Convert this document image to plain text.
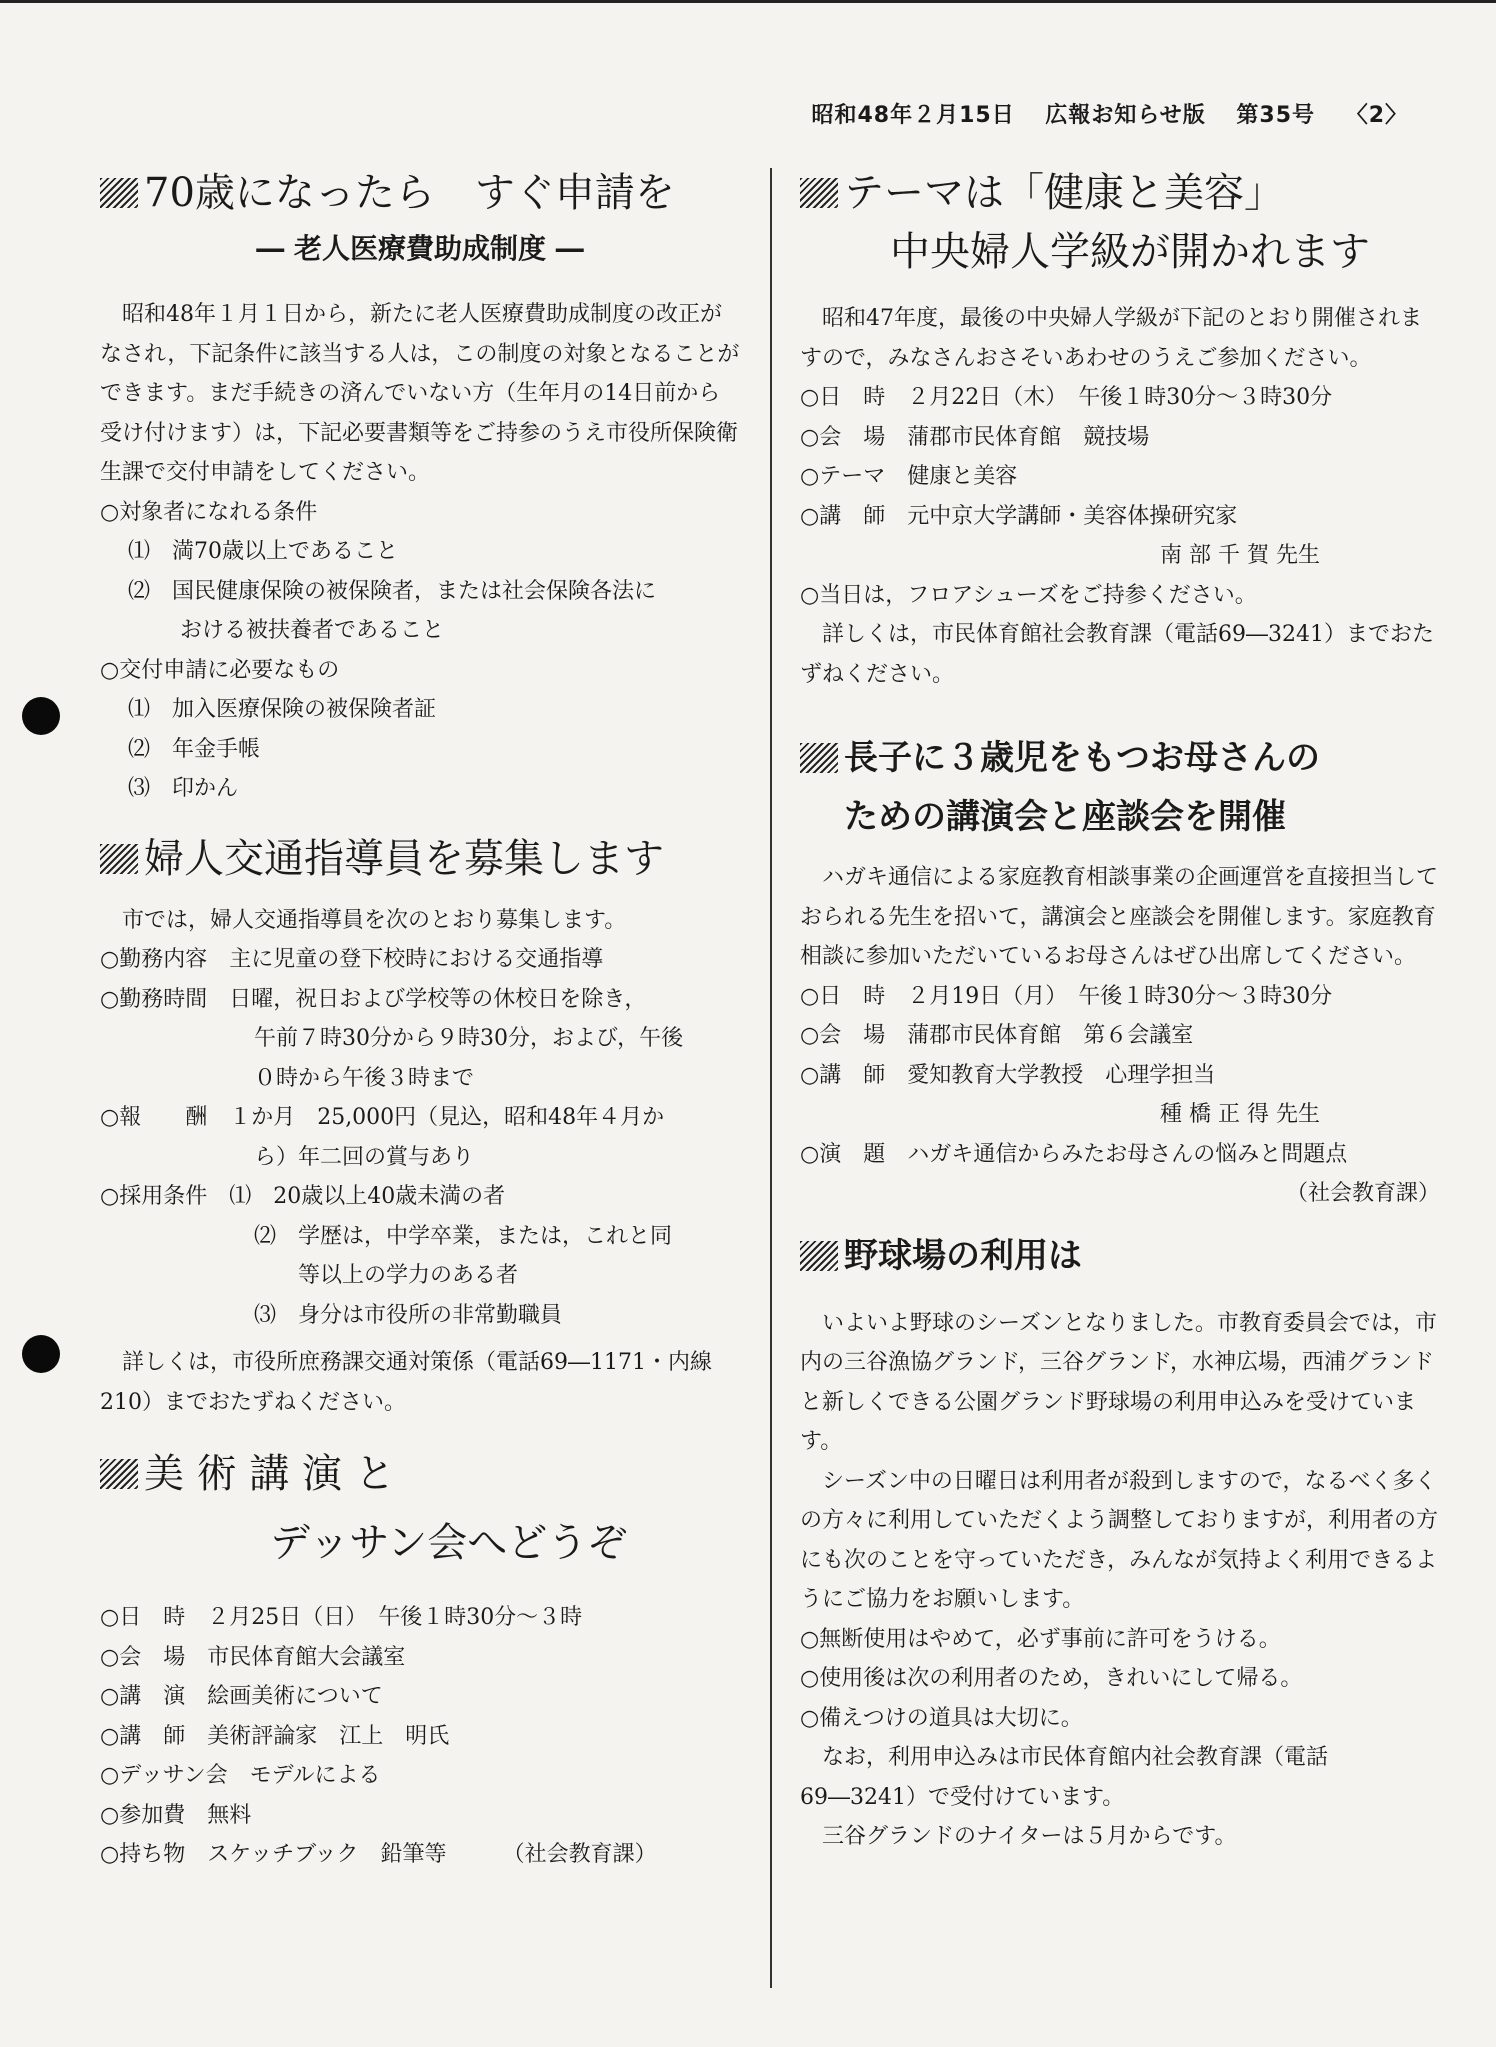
昭和48年２月15日 広報お知らせ版 第35号 〈2〉
70歳になったら　すぐ申請を
― 老人医療費助成制度 ―

昭和48年１月１日から，新たに老人医療費助成制度の改正がなされ，下記条件に該当する人は，この制度の対象となることができます。まだ手続きの済んでいない方（生年月の14日前から受け付けます）は，下記必要書類等をご持参のうえ市役所保険衛生課で交付申請をしてください。

○対象者になれる条件
⑴　満70歳以上であること
⑵　国民健康保険の被保険者，または社会保険各法に
おける被扶養者であること
○交付申請に必要なもの
⑴　加入医療保険の被保険者証
⑵　年金手帳
⑶　印かん
婦人交通指導員を募集します

市では，婦人交通指導員を次のとおり募集します。

○勤務内容　主に児童の登下校時における交通指導
○勤務時間　日曜，祝日および学校等の休校日を除き，
午前７時30分から９時30分，および，午後
０時から午後３時まで
○報　　酬　１か月　25,000円（見込，昭和48年４月か
ら）年二回の賞与あり
○採用条件　⑴　20歳以上40歳未満の者
⑵　学歴は，中学卒業，または，これと同
等以上の学力のある者
⑶　身分は市役所の非常勤職員

詳しくは，市役所庶務課交通対策係（電話69―1171・内線 210）までおたずねください。

美 術 講 演 と
デッサン会へどうぞ
○日　時　２月25日（日）　午後１時30分～３時
○会　場　市民体育館大会議室
○講　演　絵画美術について
○講　師　美術評論家　江上　明氏
○デッサン会　モデルによる
○参加費　無料
○持ち物　スケッチブック　鉛筆等	（社会教育課）
テーマは「健康と美容」
中央婦人学級が開かれます

昭和47年度，最後の中央婦人学級が下記のとおり開催されますので，みなさんおさそいあわせのうえご参加ください。

○日　時　２月22日（木）　午後１時30分～３時30分
○会　場　蒲郡市民体育館　競技場
○テーマ　健康と美容
○講　師　元中京大学講師・美容体操研究家
南 部 千 賀 先生
○当日は，フロアシューズをご持参ください。

詳しくは，市民体育館社会教育課（電話69―3241）までおたずねください。

長子に３歳児をもつお母さんの
ための講演会と座談会を開催

ハガキ通信による家庭教育相談事業の企画運営を直接担当しておられる先生を招いて，講演会と座談会を開催します。家庭教育相談に参加いただいているお母さんはぜひ出席してください。

○日　時　２月19日（月）　午後１時30分～３時30分
○会　場　蒲郡市民体育館　第６会議室
○講　師　愛知教育大学教授　心理学担当
種 橋 正 得 先生
○演　題　ハガキ通信からみたお母さんの悩みと問題点
（社会教育課）
野球場の利用は

いよいよ野球のシーズンとなりました。市教育委員会では，市内の三谷漁協グランド，三谷グランド，水神広場，西浦グランドと新しくできる公園グランド野球場の利用申込みを受けています。

シーズン中の日曜日は利用者が殺到しますので，なるべく多くの方々に利用していただくよう調整しておりますが，利用者の方にも次のことを守っていただき，みんなが気持よく利用できるようにご協力をお願いします。

○無断使用はやめて，必ず事前に許可をうける。
○使用後は次の利用者のため，きれいにして帰る。
○備えつけの道具は大切に。

なお，利用申込みは市民体育館内社会教育課（電話69―3241）で受付けています。

三谷グランドのナイターは５月からです。
